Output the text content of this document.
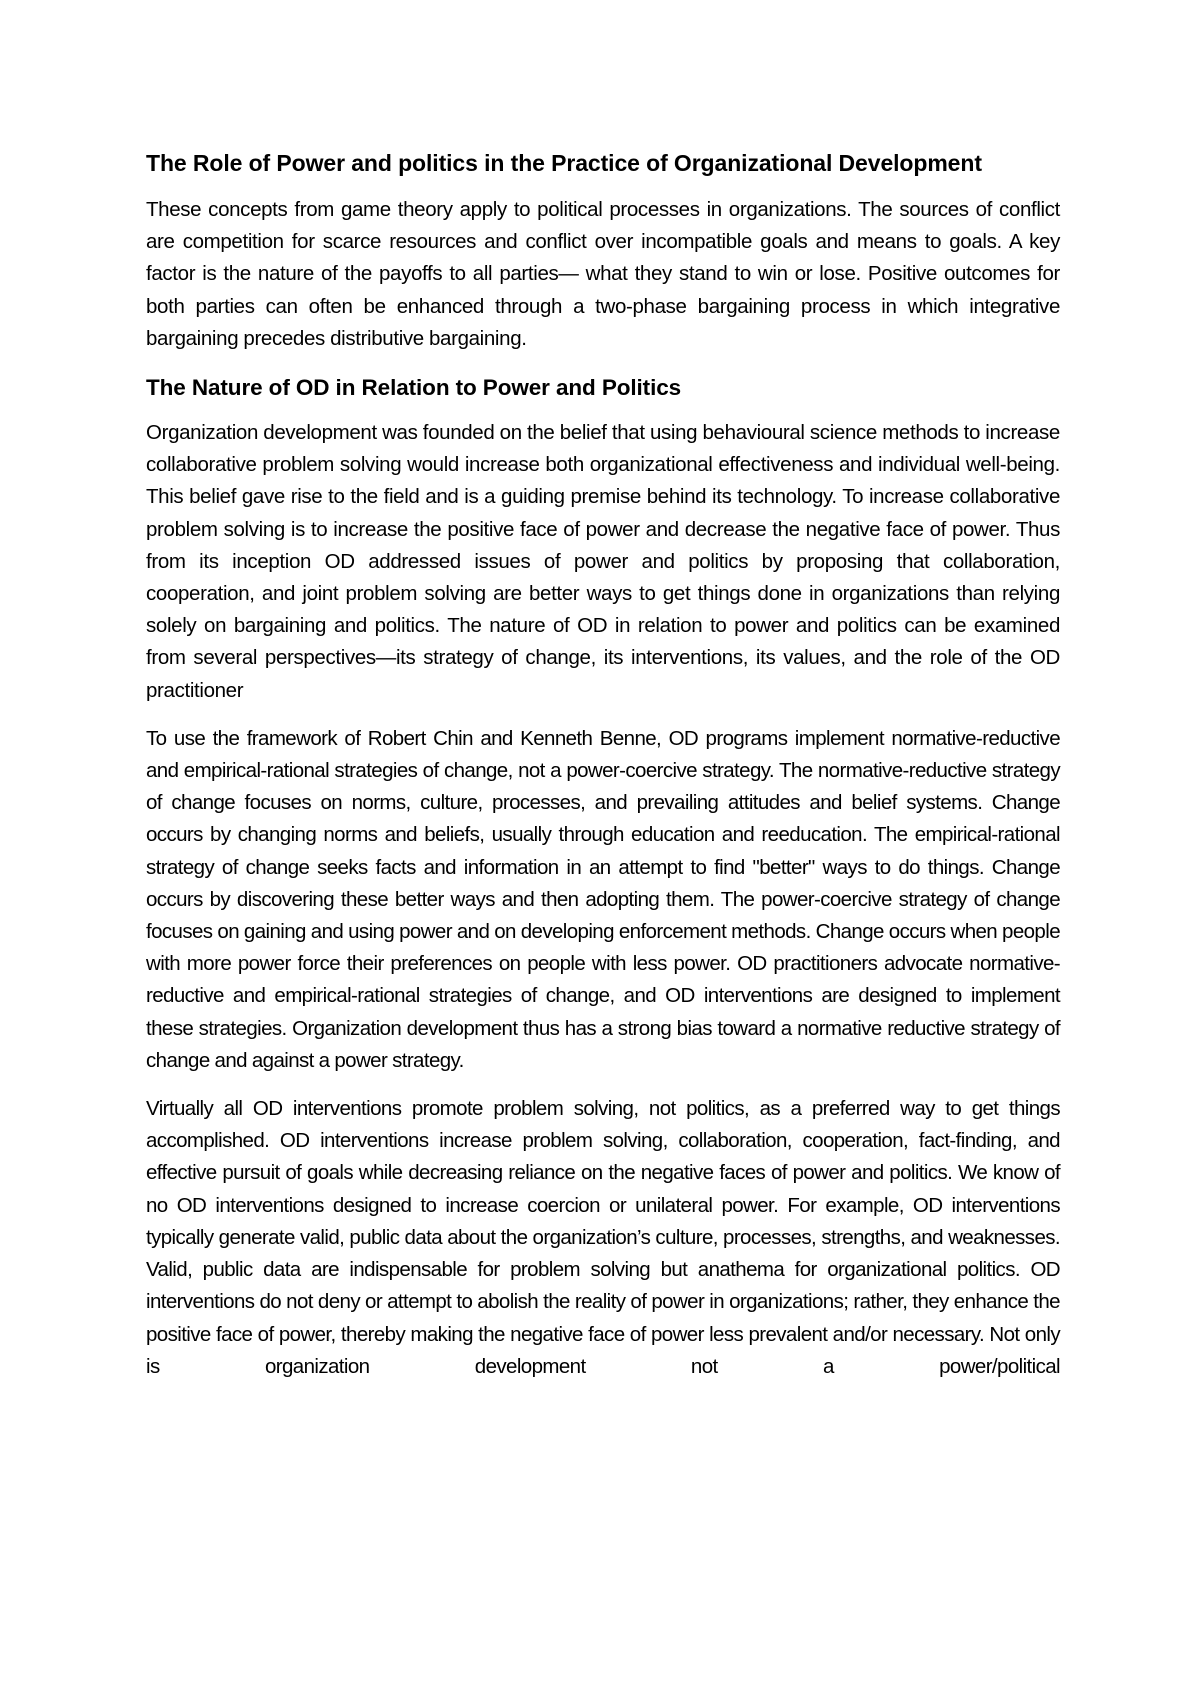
The Role of Power and politics in the Practice of Organizational Development

These concepts from game theory apply to political processes in organizations. The sources of conflict are competition for scarce resources and conflict over incompatible goals and means to goals. A key factor is the nature of the payoffs to all parties— what they stand to win or lose. Positive outcomes for both parties can often be enhanced through a two-phase bargaining process in which integrative bargaining precedes distributive bargaining.

The Nature of OD in Relation to Power and Politics

Organization development was founded on the belief that using behavioural science methods to increase collaborative problem solving would increase both organizational effectiveness and individual well-being. This belief gave rise to the field and is a guiding premise behind its technology. To increase collaborative problem solving is to increase the positive face of power and decrease the negative face of power. Thus from its inception OD addressed issues of power and politics by proposing that collaboration, cooperation, and joint problem solving are better ways to get things done in organizations than relying solely on bargaining and politics. The nature of OD in relation to power and politics can be examined from several perspectives—its strategy of change, its interventions, its values, and the role of the OD practitioner

To use the framework of Robert Chin and Kenneth Benne, OD programs implement normative-reductive and empirical-rational strategies of change, not a power-coercive strategy. The normative-reductive strategy of change focuses on norms, culture, processes, and prevailing attitudes and belief systems. Change occurs by changing norms and beliefs, usually through education and reeducation. The empirical-rational strategy of change seeks facts and information in an attempt to find "better" ways to do things. Change occurs by discovering these better ways and then adopting them. The power-coercive strategy of change focuses on gaining and using power and on developing enforcement methods. Change occurs when people with more power force their preferences on people with less power. OD practitioners advocate normative-reductive and empirical-rational strategies of change, and OD interventions are designed to implement these strategies. Organization development thus has a strong bias toward a normative reductive strategy of change and against a power strategy.

Virtually all OD interventions promote problem solving, not politics, as a preferred way to get things accomplished. OD interventions increase problem solving, collaboration, cooperation, fact-finding, and effective pursuit of goals while decreasing reliance on the negative faces of power and politics. We know of no OD interventions designed to increase coercion or unilateral power. For example, OD interventions typically generate valid, public data about the organization’s culture, processes, strengths, and weaknesses. Valid, public data are indispensable for problem solving but anathema for organizational politics. OD interventions do not deny or attempt to abolish the reality of power in organizations; rather, they enhance the positive face of power, thereby making the negative face of power less prevalent and/or necessary. Not only is organization development not a power/political
